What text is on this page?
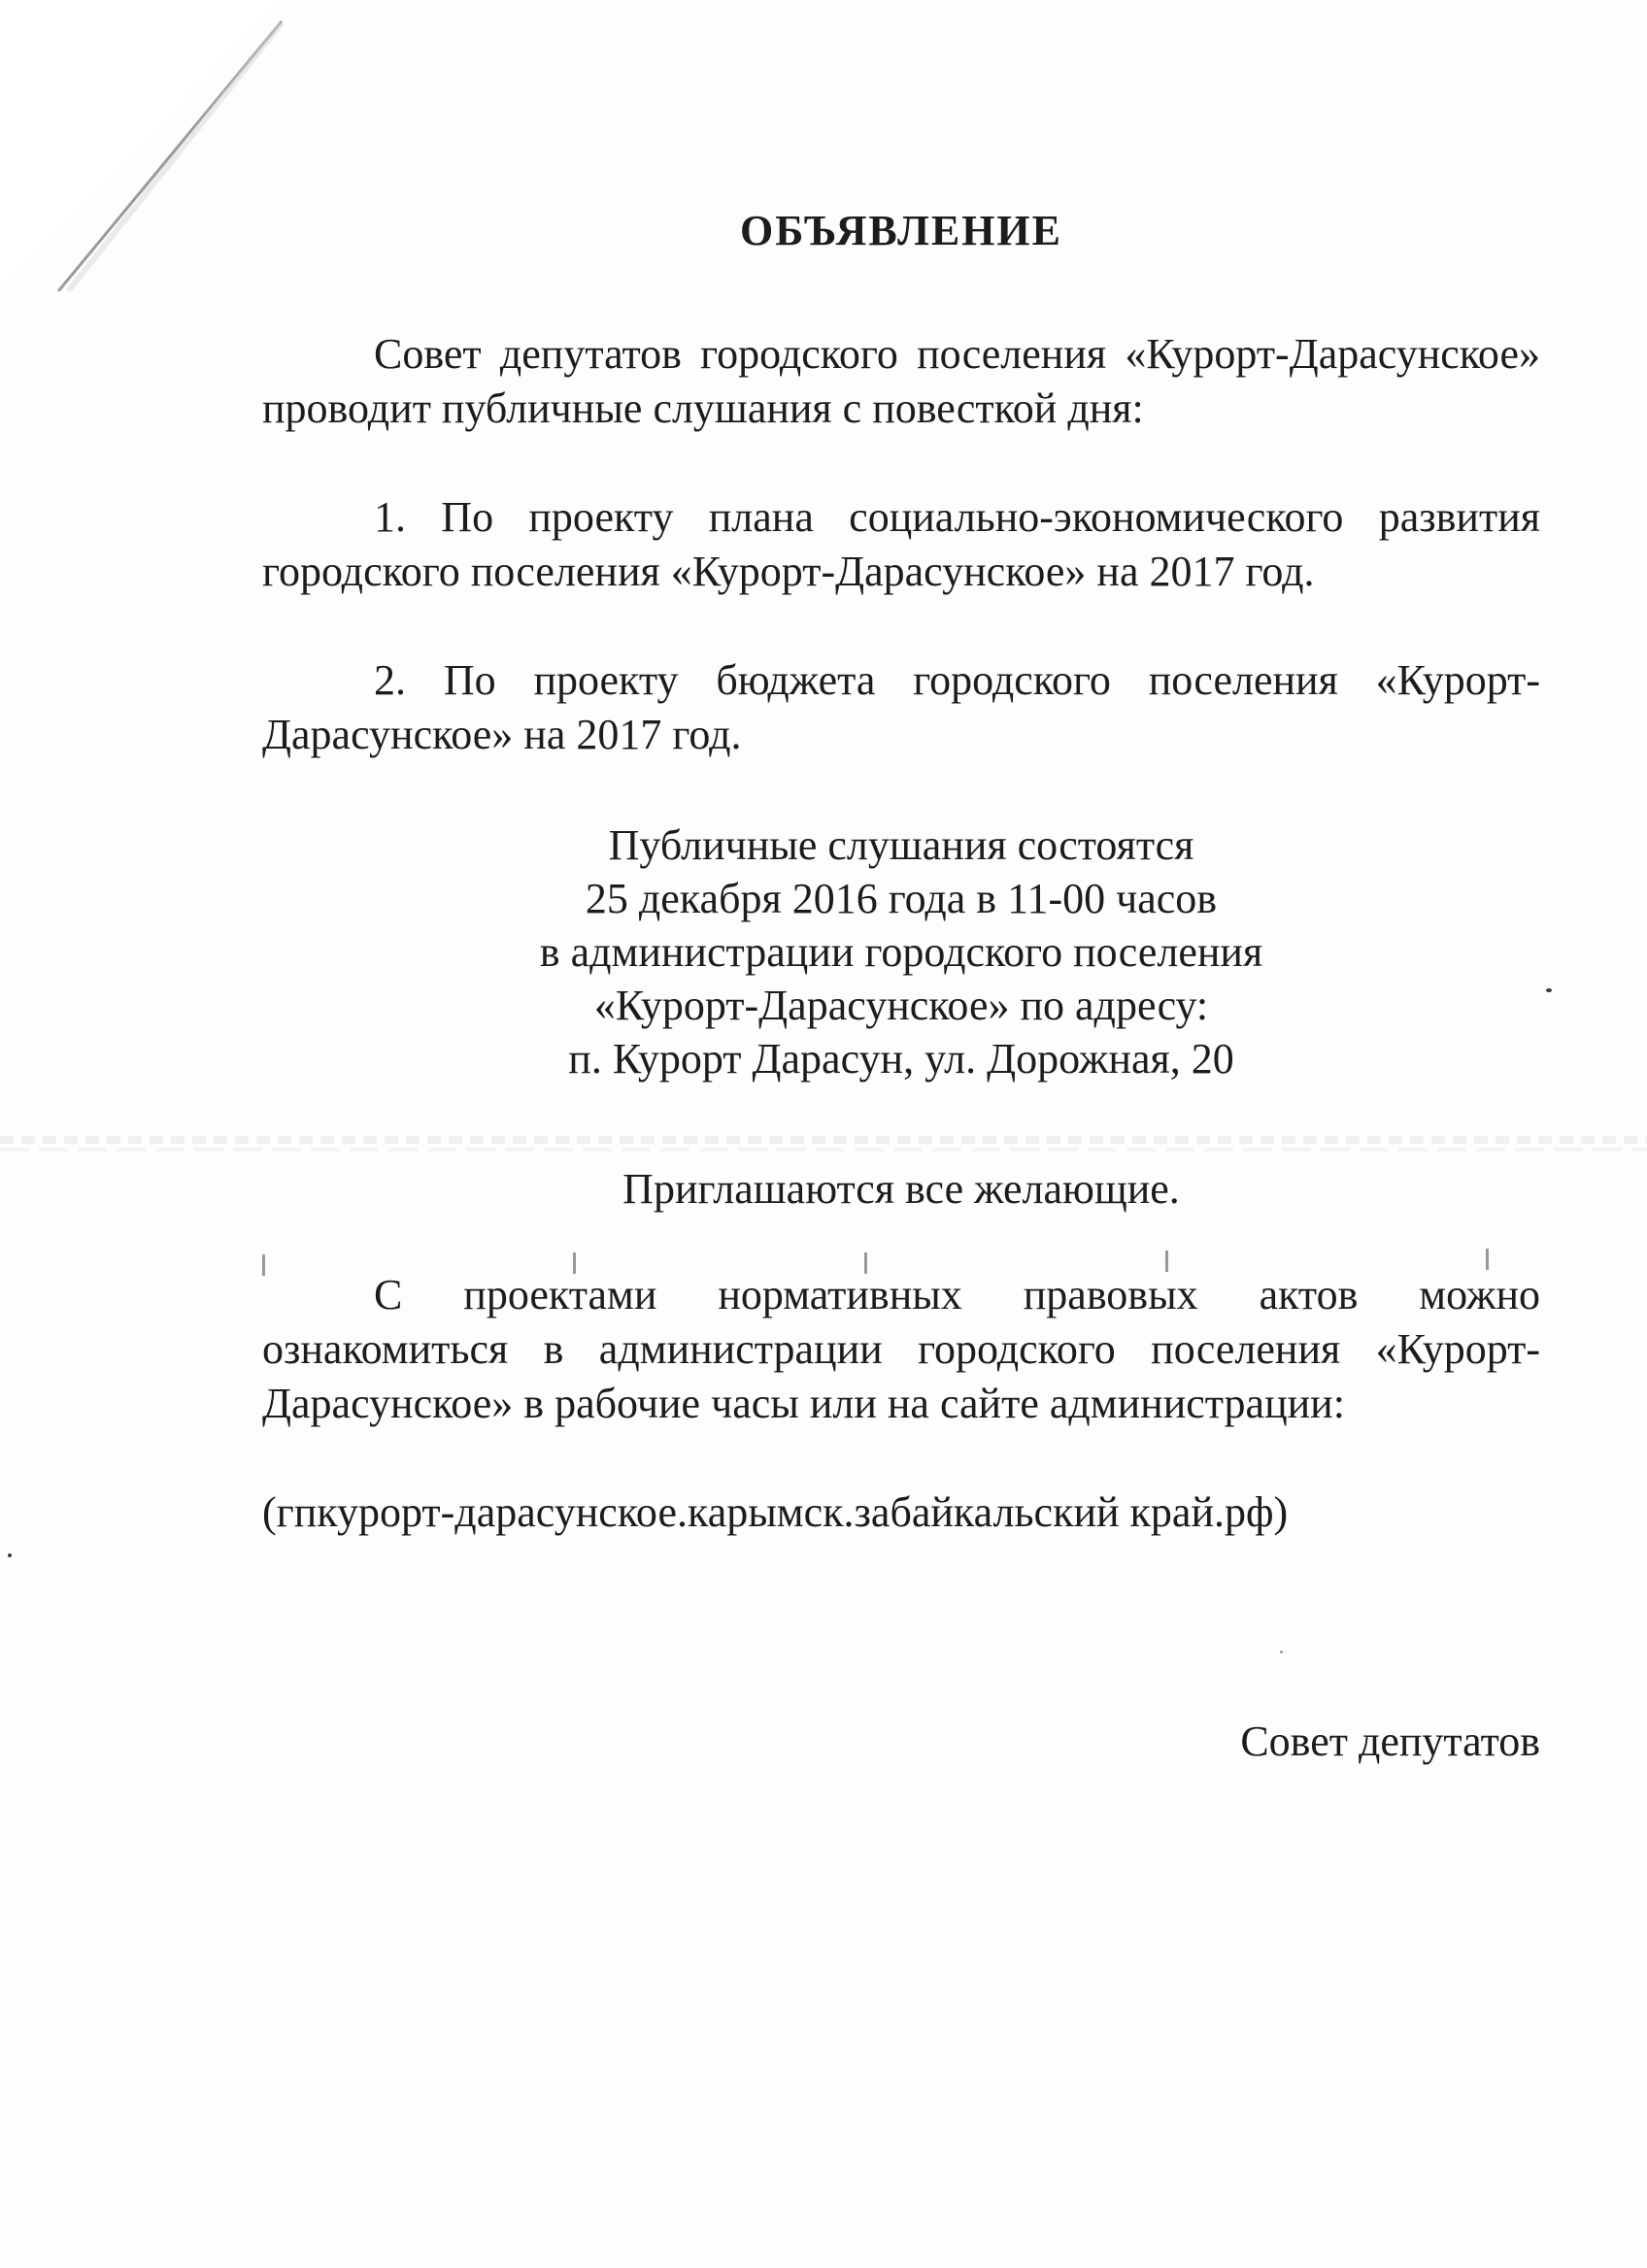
ОБЪЯВЛЕНИЕ
Совет депутатов городского поселения «Курорт-Дарасунское» проводит публичные слушания с повесткой дня:
1. По проекту плана социально-экономического развития городского поселения «Курорт-Дарасунское» на 2017 год.
2. По проекту бюджета городского поселения «Курорт-Дарасунское» на 2017 год.
Публичные слушания состоятся
25 декабря 2016 года в 11-00 часов
в администрации городского поселения
«Курорт-Дарасунское» по адресу:
п. Курорт Дарасун, ул. Дорожная, 20
Приглашаются все желающие.
С проектами нормативных правовых актов можно ознакомиться в администрации городского поселения «Курорт-Дарасунское» в рабочие часы или на сайте администрации:
(гпкурорт-дарасунское.карымск.забайкальский край.рф)
Совет депутатов
